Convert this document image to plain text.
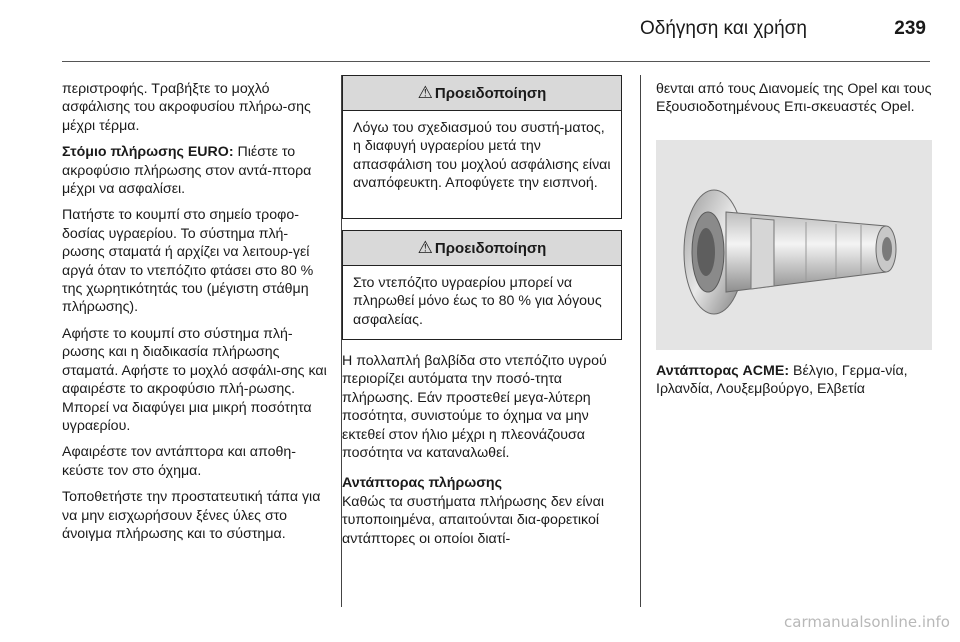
Οδήγηση και χρήση	239

περιστροφής. Τραβήξτε το μοχλό ασφάλισης του ακροφυσίου πλήρω-σης μέχρι τέρμα.

Στόμιο πλήρωσης EURO: Πιέστε το ακροφύσιο πλήρωσης στον αντά-πτορα μέχρι να ασφαλίσει.

Πατήστε το κουμπί στο σημείο τροφο-δοσίας υγραερίου. Το σύστημα πλή-ρωσης σταματά ή αρχίζει να λειτουρ-γεί αργά όταν το ντεπόζιτο φτάσει στο 80 % της χωρητικότητάς του (μέγιστη στάθμη πλήρωσης).

Αφήστε το κουμπί στο σύστημα πλή-ρωσης και η διαδικασία πλήρωσης σταματά. Αφήστε το μοχλό ασφάλι-σης και αφαιρέστε το ακροφύσιο πλή-ρωσης. Μπορεί να διαφύγει μια μικρή ποσότητα υγραερίου.

Αφαιρέστε τον αντάπτορα και αποθη-κεύστε τον στο όχημα.

Τοποθετήστε την προστατευτική τάπα για να μην εισχωρήσουν ξένες ύλες στο άνοιγμα πλήρωσης και το σύστημα.

⚠ Προειδοποίηση
Λόγω του σχεδιασμού του συστή-ματος, η διαφυγή υγραερίου μετά την απασφάλιση του μοχλού ασφάλισης είναι αναπόφευκτη. Αποφύγετε την εισπνοή.
⚠ Προειδοποίηση
Στο ντεπόζιτο υγραερίου μπορεί να πληρωθεί μόνο έως το 80 % για λόγους ασφαλείας.

Η πολλαπλή βαλβίδα στο ντεπόζιτο υγρού περιορίζει αυτόματα την ποσό-τητα πλήρωσης. Εάν προστεθεί μεγα-λύτερη ποσότητα, συνιστούμε το όχημα να μην εκτεθεί στον ήλιο μέχρι η πλεονάζουσα ποσότητα να καταναλωθεί.

Αντάπτορας πλήρωσης

Καθώς τα συστήματα πλήρωσης δεν είναι τυποποιημένα, απαιτούνται δια-φορετικοί αντάπτορες οι οποίοι διατί-

θενται από τους Διανομείς της Opel και τους Εξουσιοδοτημένους Επι-σκευαστές Opel.

Αντάπτορας ACME: Βέλγιο, Γερμα-νία, Ιρλανδία, Λουξεμβούργο, Ελβετία

carmanualsonline.info
